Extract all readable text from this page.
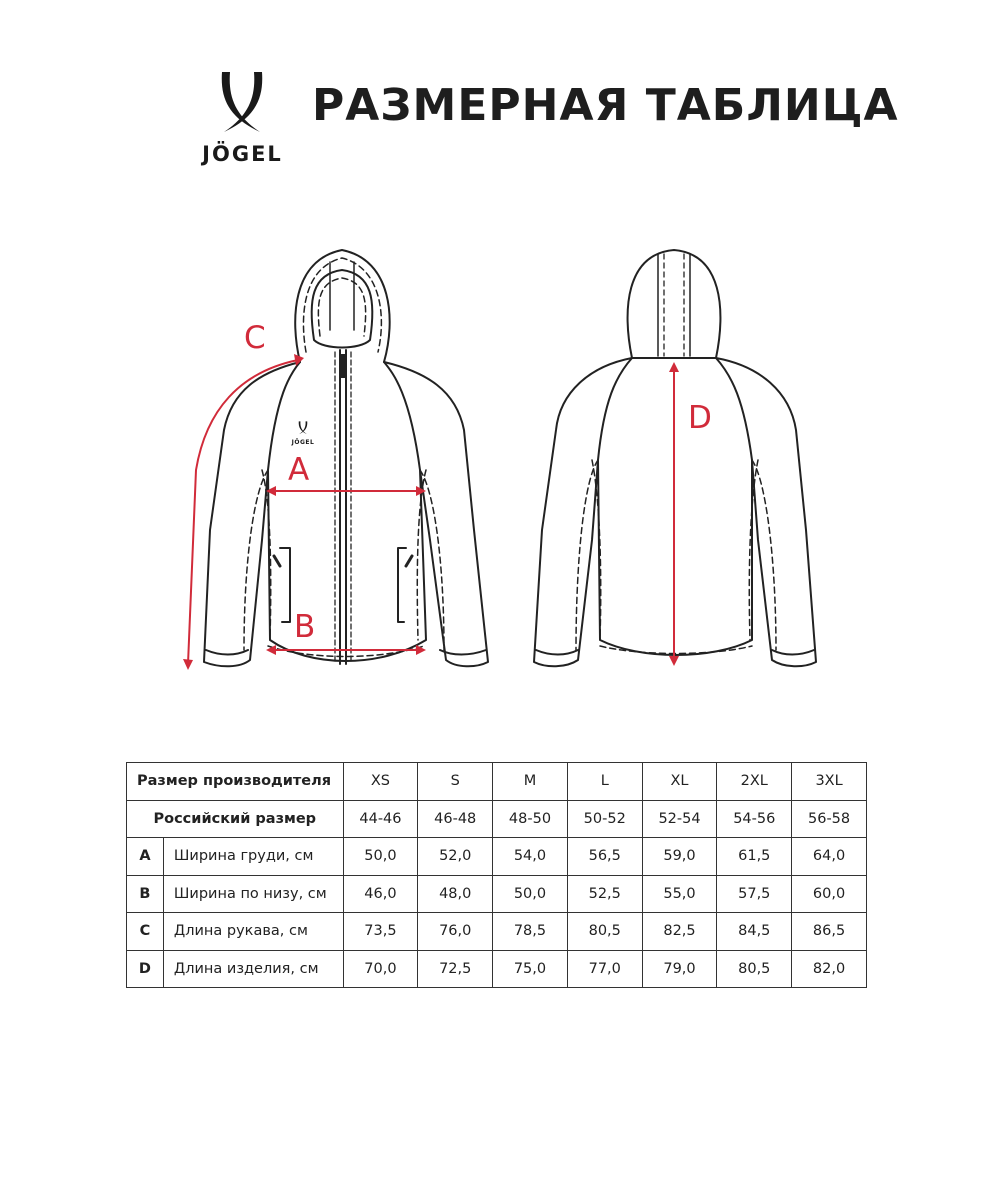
JÖGEL
РАЗМЕРНАЯ ТАБЛИЦА
JÖGEL
A
B
C
D
Размер производителя		XS	S	M	L	XL	2XL	3XL
Российский размер		44-46	46-48	48-50	50-52	52-54	54-56	56-58
A	Ширина груди, см	50,0	52,0	54,0	56,5	59,0	61,5	64,0
B	Ширина по низу, см	46,0	48,0	50,0	52,5	55,0	57,5	60,0
C	Длина рукава, см	73,5	76,0	78,5	80,5	82,5	84,5	86,5
D	Длина изделия, см	70,0	72,5	75,0	77,0	79,0	80,5	82,0
